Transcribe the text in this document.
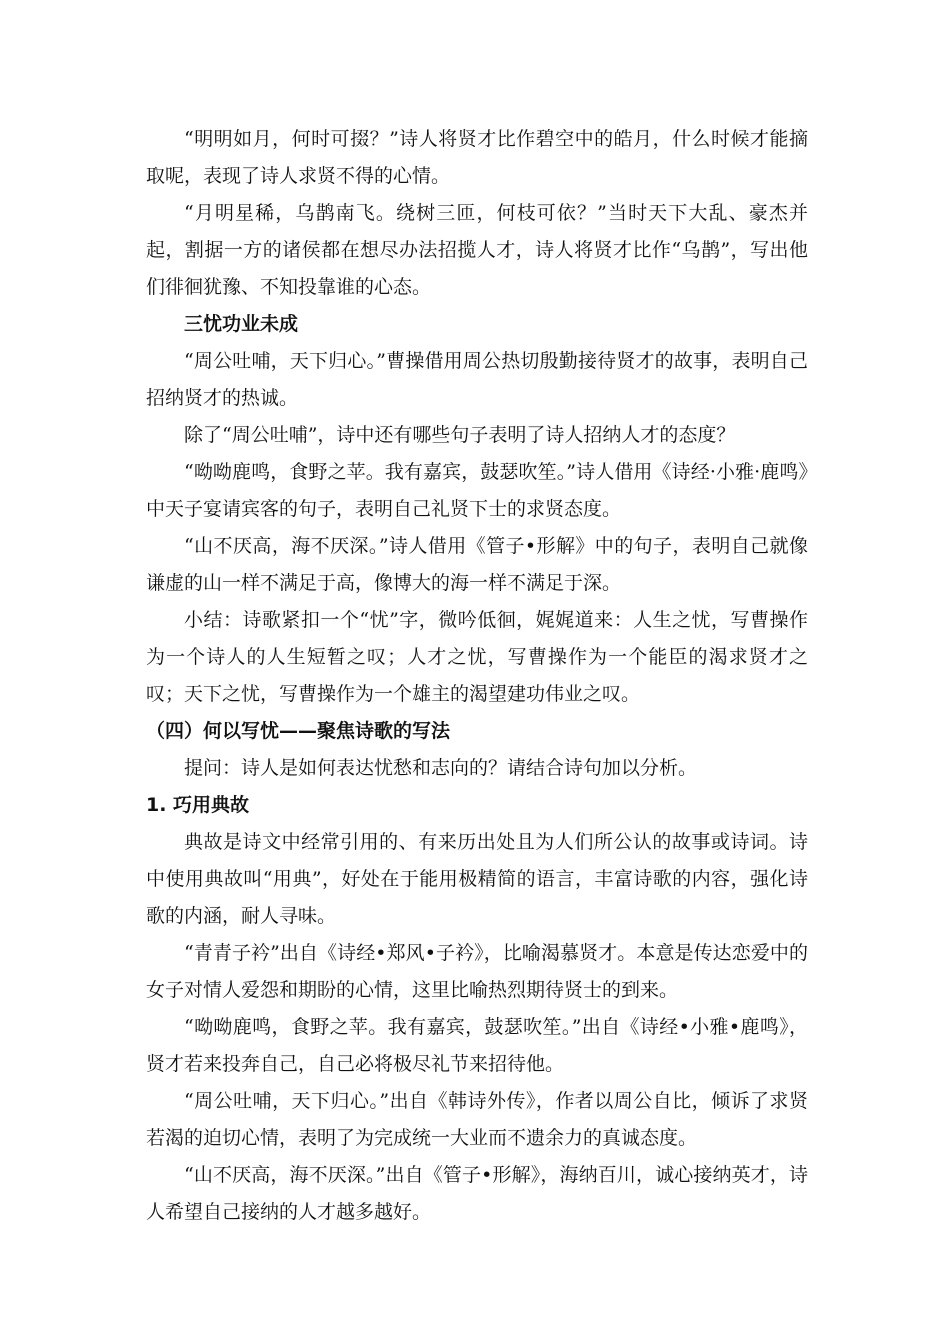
“明明如月，何时可掇？”诗人将贤才比作碧空中的皓月，什么时候才能摘取呢，表现了诗人求贤不得的心情。

“月明星稀，乌鹊南飞。绕树三匝，何枝可依？”当时天下大乱、豪杰并起，割据一方的诸侯都在想尽办法招揽人才，诗人将贤才比作“乌鹊”，写出他们徘徊犹豫、不知投靠谁的心态。

三忧功业未成

“周公吐哺，天下归心。”曹操借用周公热切殷勤接待贤才的故事，表明自己招纳贤才的热诚。

除了“周公吐哺”，诗中还有哪些句子表明了诗人招纳人才的态度？

“呦呦鹿鸣，食野之苹。我有嘉宾，鼓瑟吹笙。”诗人借用《诗经·小雅·鹿鸣》中天子宴请宾客的句子，表明自己礼贤下士的求贤态度。

“山不厌高，海不厌深。”诗人借用《管子•形解》中的句子，表明自己就像谦虚的山一样不满足于高，像博大的海一样不满足于深。

小结：诗歌紧扣一个“忧”字，微吟低徊，娓娓道来：人生之忧，写曹操作为一个诗人的人生短暂之叹；人才之忧，写曹操作为一个能臣的渴求贤才之叹；天下之忧，写曹操作为一个雄主的渴望建功伟业之叹。

（四）何以写忧——聚焦诗歌的写法

提问：诗人是如何表达忧愁和志向的？请结合诗句加以分析。

1. 巧用典故

典故是诗文中经常引用的、有来历出处且为人们所公认的故事或诗词。诗中使用典故叫“用典”，好处在于能用极精简的语言，丰富诗歌的内容，强化诗歌的内涵，耐人寻味。

“青青子衿”出自《诗经•郑风•子衿》，比喻渴慕贤才。本意是传达恋爱中的女子对情人爱怨和期盼的心情，这里比喻热烈期待贤士的到来。

“呦呦鹿鸣，食野之苹。我有嘉宾，鼓瑟吹笙。”出自《诗经•小雅•鹿鸣》，贤才若来投奔自己，自己必将极尽礼节来招待他。

“周公吐哺，天下归心。”出自《韩诗外传》，作者以周公自比，倾诉了求贤若渴的迫切心情，表明了为完成统一大业而不遗余力的真诚态度。

“山不厌高，海不厌深。”出自《管子•形解》，海纳百川，诚心接纳英才，诗人希望自己接纳的人才越多越好。
